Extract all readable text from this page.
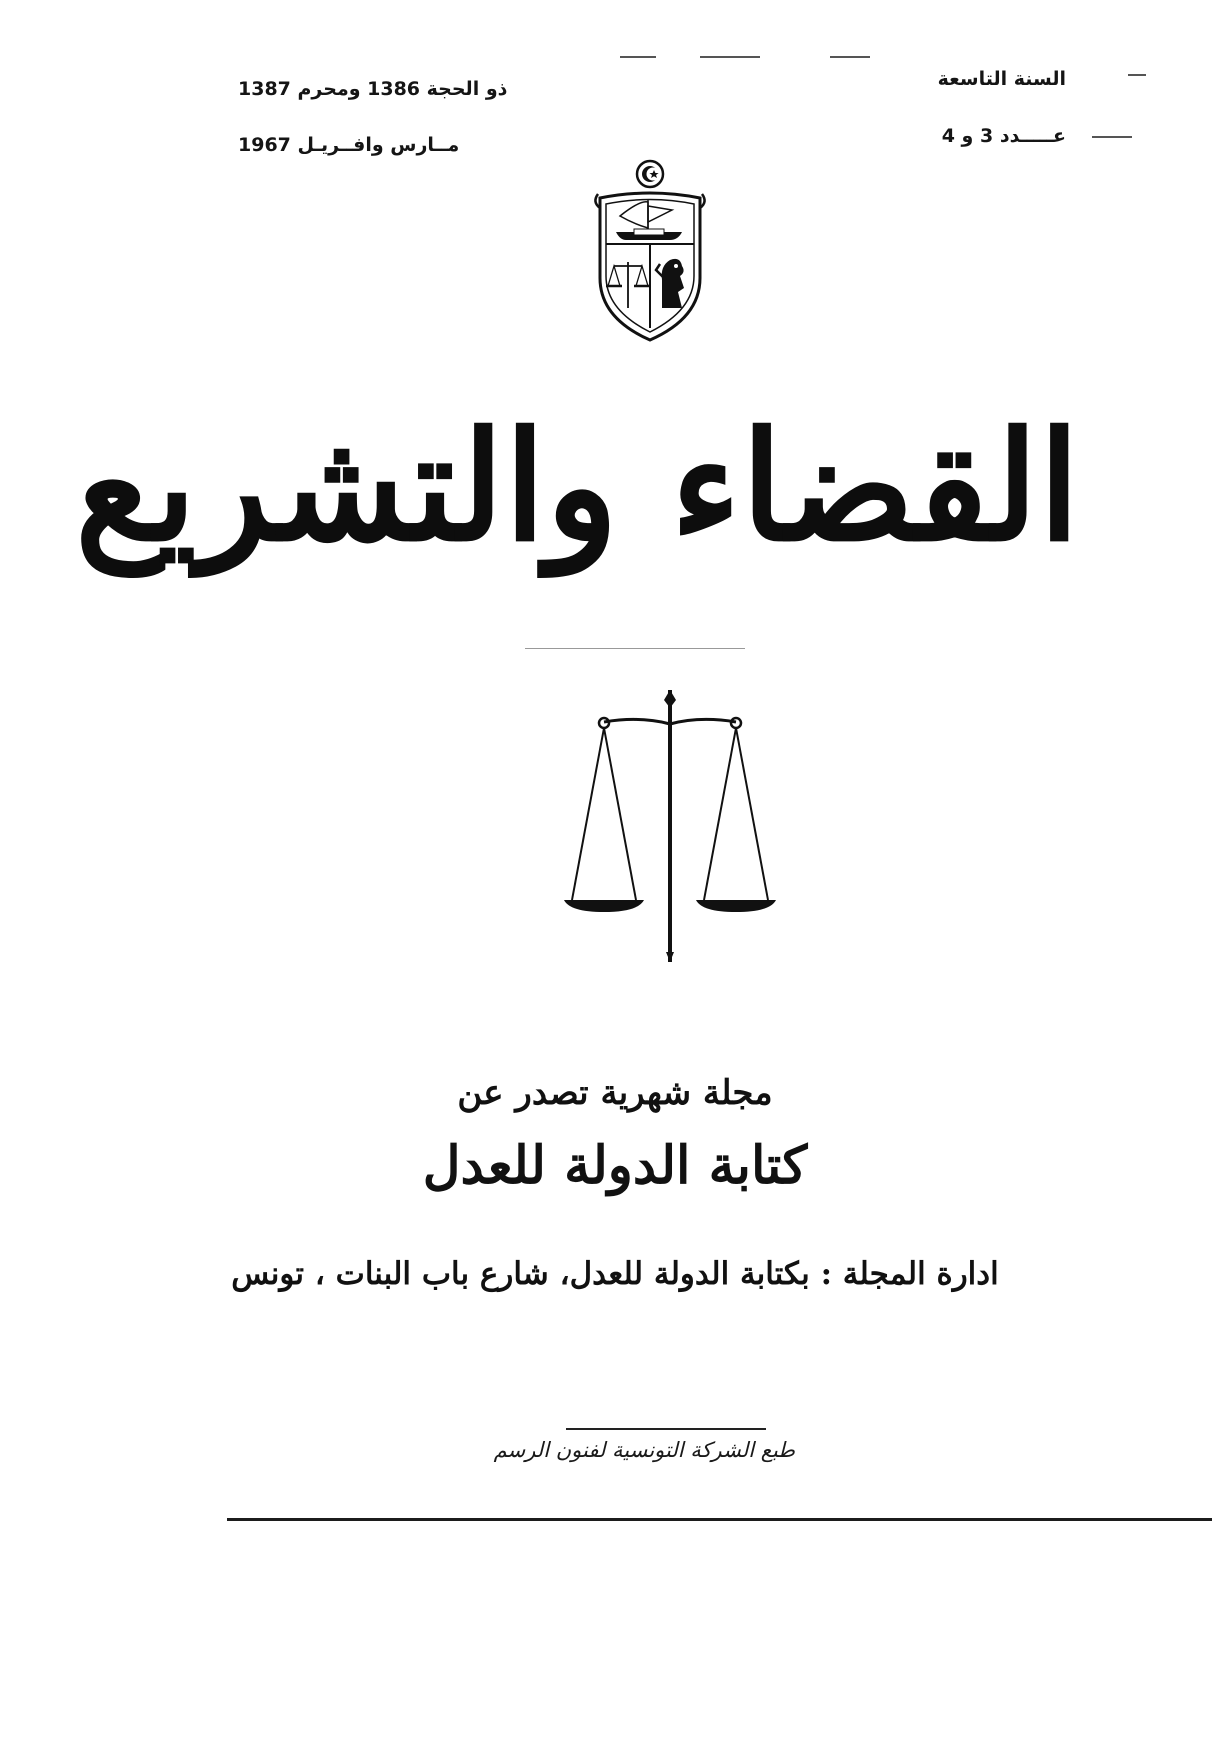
السنة التاسعة
عـــــدد 3 و 4
ذو الحجة 1386 ومحرم 1387
مــارس وافــريـل 1967
القضاء والتشريع
مجلة شهرية تصدر عن
كتابة الدولة للعدل
ادارة المجلة : بكتابة الدولة للعدل، شارع باب البنات ، تونس
طبع الشركة التونسية لفنون الرسم
